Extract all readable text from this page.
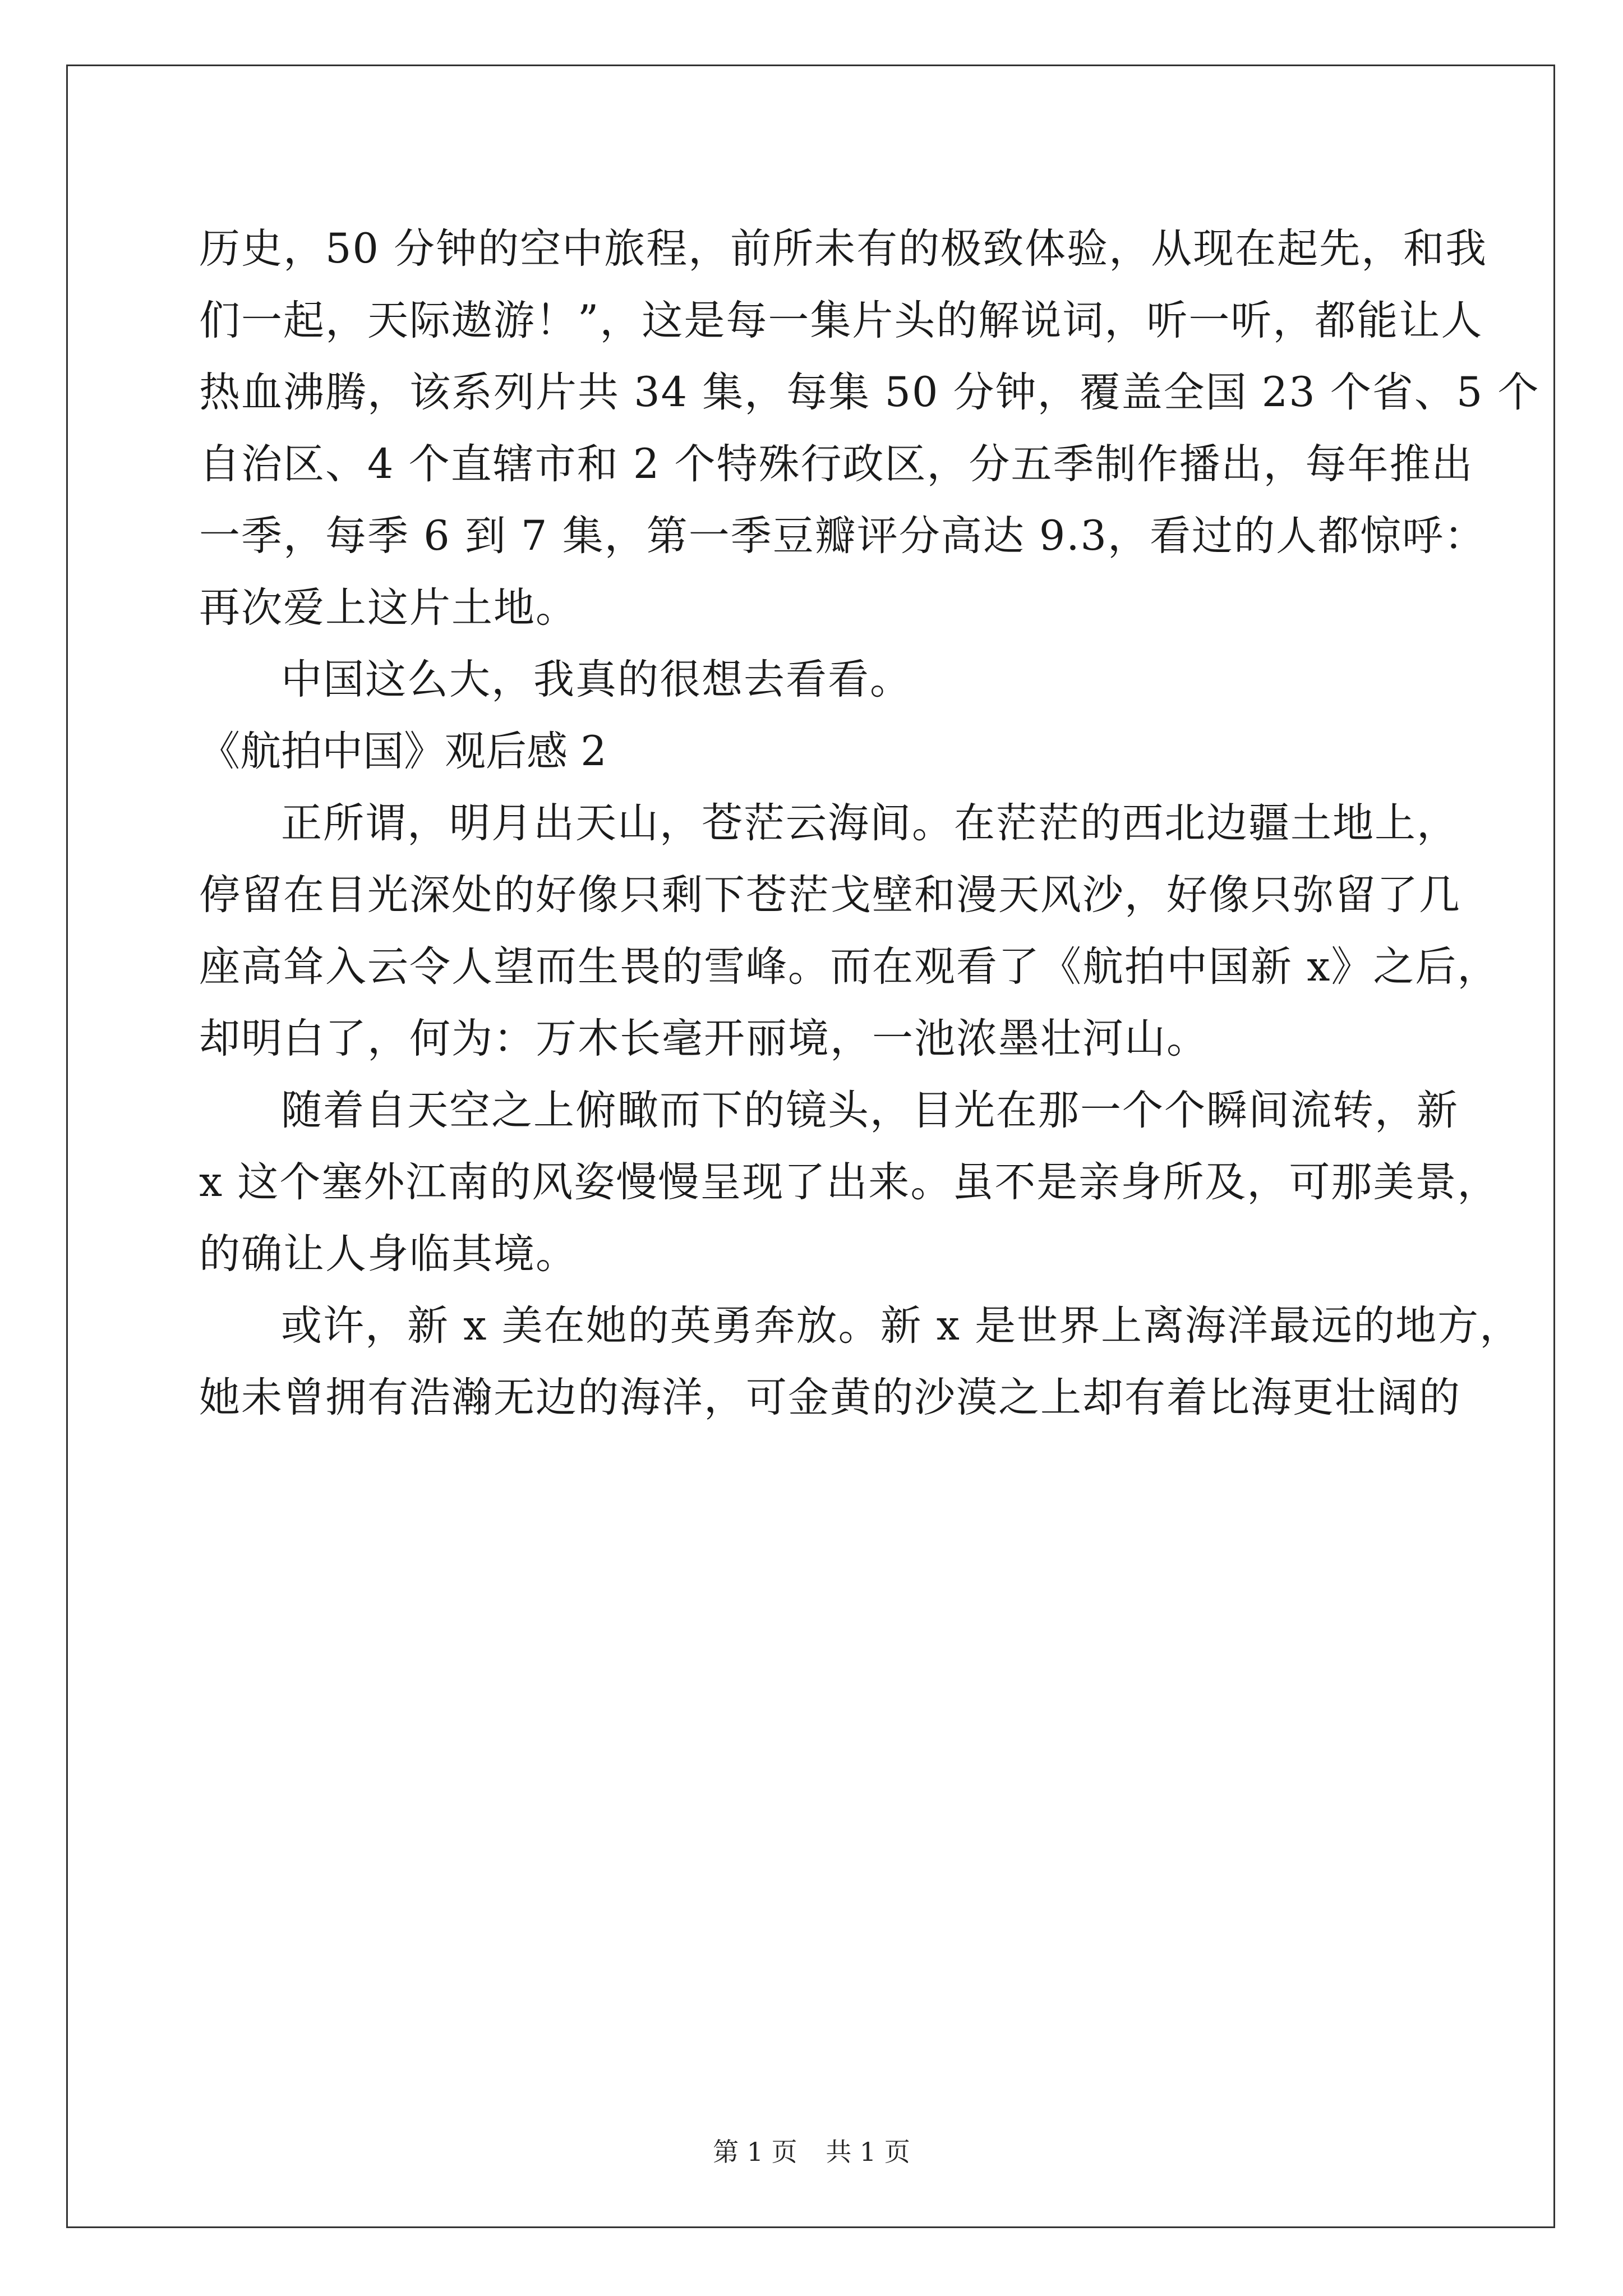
历史，50 分钟的空中旅程，前所未有的极致体验，从现在起先，和我
们一起，天际遨游！”，这是每一集片头的解说词，听一听，都能让人
热血沸腾，该系列片共 34 集，每集 50 分钟，覆盖全国 23 个省、5 个
自治区、4 个直辖市和 2 个特殊行政区，分五季制作播出，每年推出
一季，每季 6 到 7 集，第一季豆瓣评分高达 9.3，看过的人都惊呼：
再次爱上这片土地。
中国这么大，我真的很想去看看。
《航拍中国》观后感 2
正所谓，明月出天山，苍茫云海间。在茫茫的西北边疆土地上，
停留在目光深处的好像只剩下苍茫戈壁和漫天风沙，好像只弥留了几
座高耸入云令人望而生畏的雪峰。而在观看了《航拍中国新 x》之后，
却明白了，何为：万木长毫开丽境，一池浓墨壮河山。
随着自天空之上俯瞰而下的镜头，目光在那一个个瞬间流转，新
x 这个塞外江南的风姿慢慢呈现了出来。虽不是亲身所及，可那美景，
的确让人身临其境。
或许，新 x 美在她的英勇奔放。新 x 是世界上离海洋最远的地方，
她未曾拥有浩瀚无边的海洋，可金黄的沙漠之上却有着比海更壮阔的
第 1 页 共 1 页
